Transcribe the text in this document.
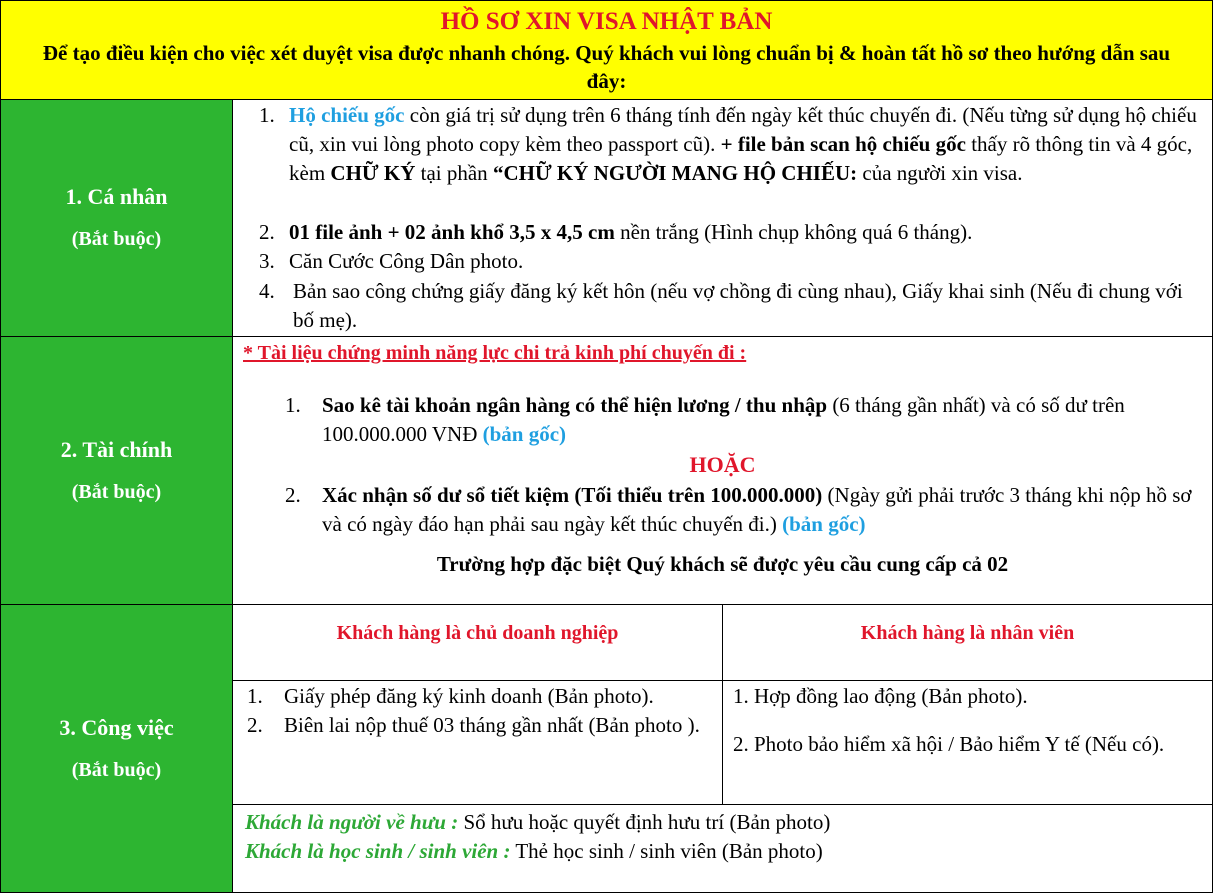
HỒ SƠ XIN VISA NHẬT BẢN
Để tạo điều kiện cho việc xét duyệt visa được nhanh chóng. Quý khách vui lòng chuẩn bị & hoàn tất hồ sơ theo hướng dẫn sau đây:
1. Cá nhân
(Bắt buộc)
1. Hộ chiếu gốc còn giá trị sử dụng trên 6 tháng tính đến ngày kết thúc chuyến đi. (Nếu từng sử dụng hộ chiếu cũ, xin vui lòng photo copy kèm theo passport cũ). + file bản scan hộ chiếu gốc thấy rõ thông tin và 4 góc, kèm CHỮ KÝ tại phần “CHỮ KÝ NGƯỜI MANG HỘ CHIẾU: của người xin visa.
2. 01 file ảnh + 02 ảnh khổ 3,5 x 4,5 cm nền trắng (Hình chụp không quá 6 tháng).
3. Căn Cước Công Dân photo.
4. Bản sao công chứng giấy đăng ký kết hôn (nếu vợ chồng đi cùng nhau), Giấy khai sinh (Nếu đi chung với bố mẹ).
2. Tài chính
(Bắt buộc)
* Tài liệu chứng minh năng lực chi trả kinh phí chuyến đi :
1. Sao kê tài khoản ngân hàng có thể hiện lương / thu nhập (6 tháng gần nhất) và có số dư trên 100.000.000 VNĐ (bản gốc)
HOẶC
2. Xác nhận số dư sổ tiết kiệm (Tối thiểu trên 100.000.000) (Ngày gửi phải trước 3 tháng khi nộp hồ sơ và có ngày đáo hạn phải sau ngày kết thúc chuyến đi.) (bản gốc)
Trường hợp đặc biệt Quý khách sẽ được yêu cầu cung cấp cả 02
3. Công việc
(Bắt buộc)
Khách hàng là chủ doanh nghiệp	Khách hàng là nhân viên
1. Giấy phép đăng ký kinh doanh (Bản photo).
2. Biên lai nộp thuế 03 tháng gần nhất (Bản photo ).
1. Hợp đồng lao động (Bản photo).
2. Photo bảo hiểm xã hội / Bảo hiểm Y tế (Nếu có).
Khách là người về hưu : Sổ hưu hoặc quyết định hưu trí (Bản photo)
Khách là học sinh / sinh viên : Thẻ học sinh / sinh viên (Bản photo)
